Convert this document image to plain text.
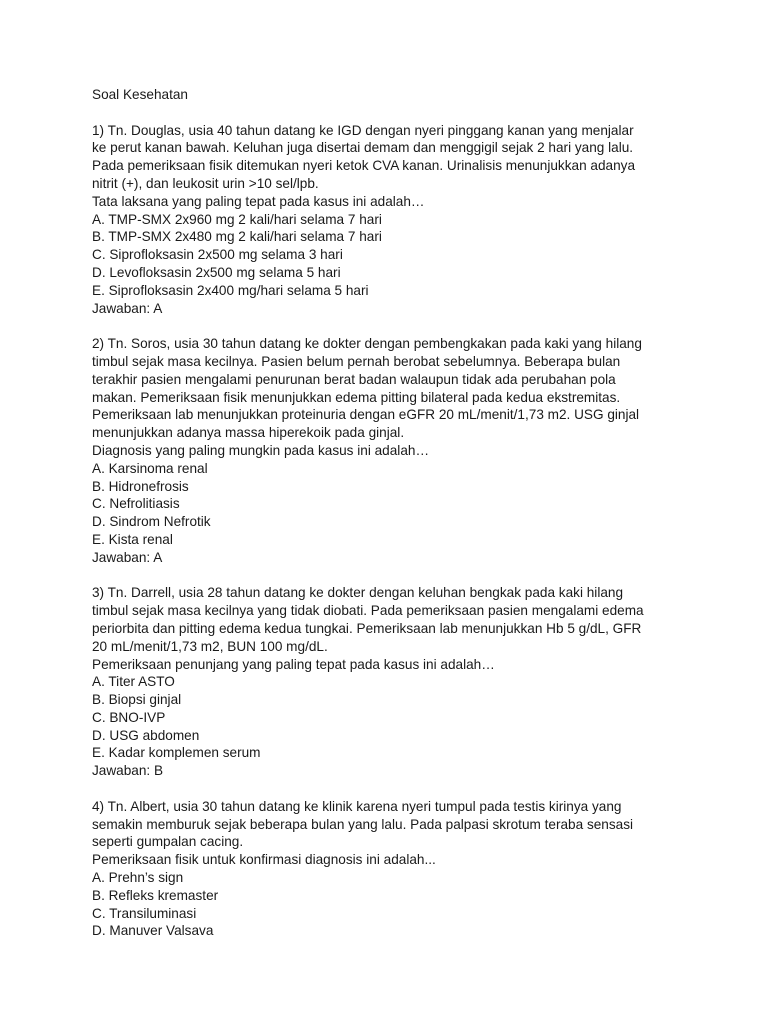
Soal Kesehatan
1) Tn. Douglas, usia 40 tahun datang ke IGD dengan nyeri pinggang kanan yang menjalar
ke perut kanan bawah. Keluhan juga disertai demam dan menggigil sejak 2 hari yang lalu.
Pada pemeriksaan fisik ditemukan nyeri ketok CVA kanan. Urinalisis menunjukkan adanya
nitrit (+), dan leukosit urin >10 sel/lpb.
Tata laksana yang paling tepat pada kasus ini adalah…
A. TMP-SMX 2x960 mg 2 kali/hari selama 7 hari
B. TMP-SMX 2x480 mg 2 kali/hari selama 7 hari
C. Siprofloksasin 2x500 mg selama 3 hari
D. Levofloksasin 2x500 mg selama 5 hari
E. Siprofloksasin 2x400 mg/hari selama 5 hari
Jawaban: A
2) Tn. Soros, usia 30 tahun datang ke dokter dengan pembengkakan pada kaki yang hilang
timbul sejak masa kecilnya. Pasien belum pernah berobat sebelumnya. Beberapa bulan
terakhir pasien mengalami penurunan berat badan walaupun tidak ada perubahan pola
makan. Pemeriksaan fisik menunjukkan edema pitting bilateral pada kedua ekstremitas.
Pemeriksaan lab menunjukkan proteinuria dengan eGFR 20 mL/menit/1,73 m2. USG ginjal
menunjukkan adanya massa hiperekoik pada ginjal.
Diagnosis yang paling mungkin pada kasus ini adalah…
A. Karsinoma renal
B. Hidronefrosis
C. Nefrolitiasis
D. Sindrom Nefrotik
E. Kista renal
Jawaban: A
3) Tn. Darrell, usia 28 tahun datang ke dokter dengan keluhan bengkak pada kaki hilang
timbul sejak masa kecilnya yang tidak diobati. Pada pemeriksaan pasien mengalami edema
periorbita dan pitting edema kedua tungkai. Pemeriksaan lab menunjukkan Hb 5 g/dL, GFR
20 mL/menit/1,73 m2, BUN 100 mg/dL.
Pemeriksaan penunjang yang paling tepat pada kasus ini adalah…
A. Titer ASTO
B. Biopsi ginjal
C. BNO-IVP
D. USG abdomen
E. Kadar komplemen serum
Jawaban: B
4) Tn. Albert, usia 30 tahun datang ke klinik karena nyeri tumpul pada testis kirinya yang
semakin memburuk sejak beberapa bulan yang lalu. Pada palpasi skrotum teraba sensasi
seperti gumpalan cacing.
Pemeriksaan fisik untuk konfirmasi diagnosis ini adalah...
A. Prehn’s sign
B. Refleks kremaster
C. Transiluminasi
D. Manuver Valsava
